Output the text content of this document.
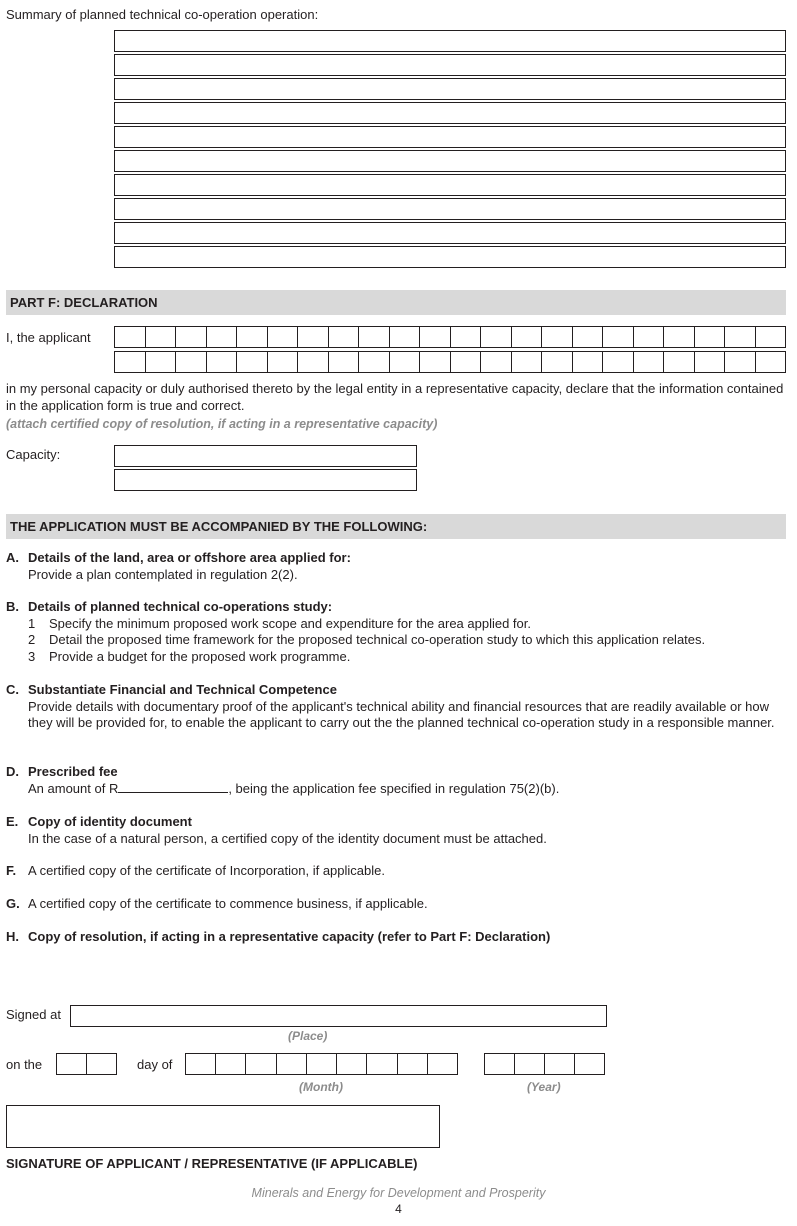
Summary of planned technical co-operation operation:
PART F: DECLARATION
I, the applicant
in my personal capacity or duly authorised thereto by the legal entity in a representative capacity, declare that the information contained in the application form is true and correct.
(attach certified copy of resolution, if acting in a representative capacity)
Capacity:
THE APPLICATION MUST BE ACCOMPANIED BY THE FOLLOWING:
A. Details of the land, area or offshore area applied for:
Provide a plan contemplated in regulation 2(2).
B. Details of planned technical co-operations study:
1 Specify the minimum proposed work scope and expenditure for the area applied for.
2 Detail the proposed time framework for the proposed technical co-operation study to which this application relates.
3 Provide a budget for the proposed work programme.
C. Substantiate Financial and Technical Competence
Provide details with documentary proof of the applicant's technical ability and financial resources that are readily available or how they will be provided for, to enable the applicant to carry out the the planned technical co-operation study in a responsible manner.
D. Prescribed fee
An amount of R	, being the application fee specified in regulation 75(2)(b).
E. Copy of identity document
In the case of a natural person, a certified copy of the identity document must be attached.
F. A certified copy of the certificate of Incorporation, if applicable.
G. A certified copy of the certificate to commence business, if applicable.
H. Copy of resolution, if acting in a representative capacity (refer to Part F: Declaration)
Signed at
(Place)
on the	day of
(Month)	(Year)
SIGNATURE OF APPLICANT / REPRESENTATIVE (IF APPLICABLE)
Minerals and Energy for Development and Prosperity
4
